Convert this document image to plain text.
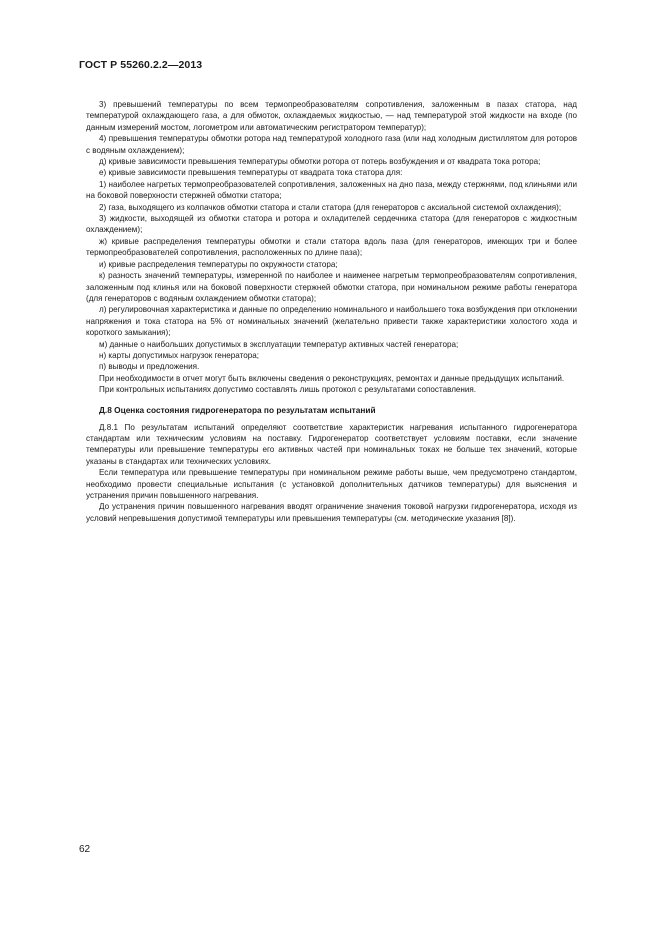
ГОСТ Р 55260.2.2—2013

3) превышений температуры по всем термопреобразователям сопротивления, заложенным в пазах статора, над температурой охлаждающего газа, а для обмоток, охлаждаемых жидкостью, — над температурой этой жидкости на входе (по данным измерений мостом, логометром или автоматическим регистратором температур);

4) превышения температуры обмотки ротора над температурой холодного газа (или над холодным дистиллятом для роторов с водяным охлаждением);

д) кривые зависимости превышения температуры обмотки ротора от потерь возбуждения и от квадрата тока ротора;

е) кривые зависимости превышения температуры от квадрата тока статора для:

1) наиболее нагретых термопреобразователей сопротивления, заложенных на дно паза, между стержнями, под клиньями или на боковой поверхности стержней обмотки статора;

2) газа, выходящего из колпачков обмотки статора и стали статора (для генераторов с аксиальной системой охлаждения);

3) жидкости, выходящей из обмотки статора и ротора и охладителей сердечника статора (для генераторов с жидкостным охлаждением);

ж) кривые распределения температуры обмотки и стали статора вдоль паза (для генераторов, имеющих три и более термопреобразователей сопротивления, расположенных по длине паза);

и) кривые распределения температуры по окружности статора;

к) разность значений температуры, измеренной по наиболее и наименее нагретым термопреобразователям сопротивления, заложенным под клинья или на боковой поверхности стержней обмотки статора, при номинальном режиме работы генератора (для генераторов с водяным охлаждением обмотки статора);

л) регулировочная характеристика и данные по определению номинального и наибольшего тока возбуждения при отклонении напряжения и тока статора на 5% от номинальных значений (желательно привести также характеристики холостого хода и короткого замыкания);

м) данные о наибольших допустимых в эксплуатации температур активных частей генератора;

н) карты допустимых нагрузок генератора;

п) выводы и предложения.

При необходимости в отчет могут быть включены сведения о реконструкциях, ремонтах и данные предыдущих испытаний.

При контрольных испытаниях допустимо составлять лишь протокол с результатами сопоставления.

Д.8 Оценка состояния гидрогенератора по результатам испытаний

Д.8.1 По результатам испытаний определяют соответствие характеристик нагревания испытанного гидрогенератора стандартам или техническим условиям на поставку. Гидрогенератор соответствует условиям поставки, если значение температуры или превышение температуры его активных частей при номинальных токах не больше тех значений, которые указаны в стандартах или технических условиях.

Если температура или превышение температуры при номинальном режиме работы выше, чем предусмотрено стандартом, необходимо провести специальные испытания (с установкой дополнительных датчиков температуры) для выяснения и устранения причин повышенного нагревания.

До устранения причин повышенного нагревания вводят ограничение значения токовой нагрузки гидрогенератора, исходя из условий непревышения допустимой температуры или превышения температуры (см. методические указания [8]).

62
